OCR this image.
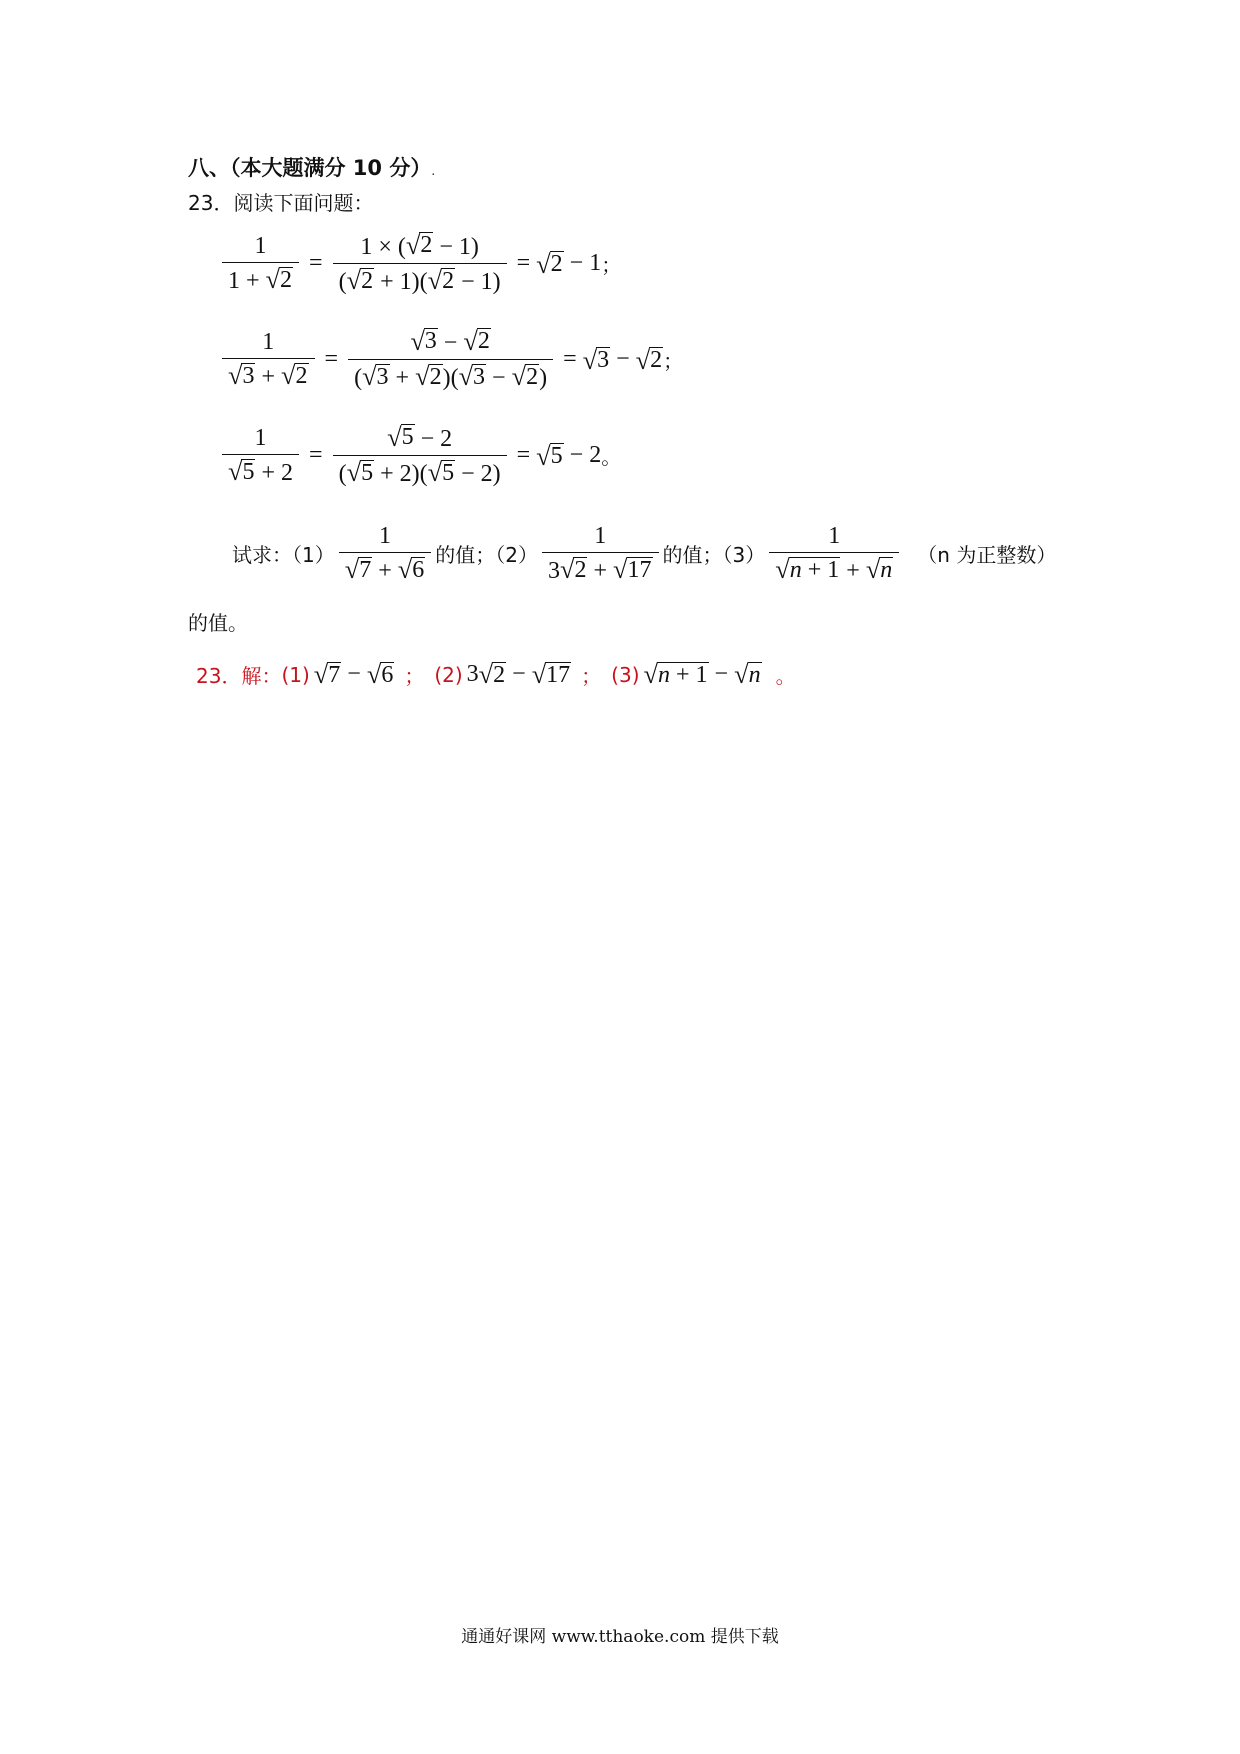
八、（本大题满分 10 分）.
23．阅读下面问题：
$\frac{1}{1 + √ 2} = \frac{1 \times ( √ 2 - 1)}{( √ 2 + 1)( √ 2 - 1)}$ = √ 2 − 1 ；
$\frac{1}{√ 3 + √ 2} = \frac{√ 3 - √ 2}{( √ 3 + √ 2 )( √ 3 - √ 2 )}$ = √ 3 − √ 2 ；
$\frac{1}{√ 5 + 2} = \frac{√ 5 - 2}{( √ 5 + 2)( √ 5 - 2)}$ = √ 5 − 2 。
试求：$(1) \frac{1}{√ 7 + √ 6}$ 的值；$(2) \frac{1}{3 √ 2 + √ 17}$ 的值；$(3) \frac{1}{√ n + 1 + √ n} (n$ 为正整数）
的值。
23．解： (1) √ 7 − √ 6 ； (2) 3 √ 2 − √ 17 ； (3) √ n + 1 − √ n 。
通通好课网 www.tthaoke.com 提供下载
